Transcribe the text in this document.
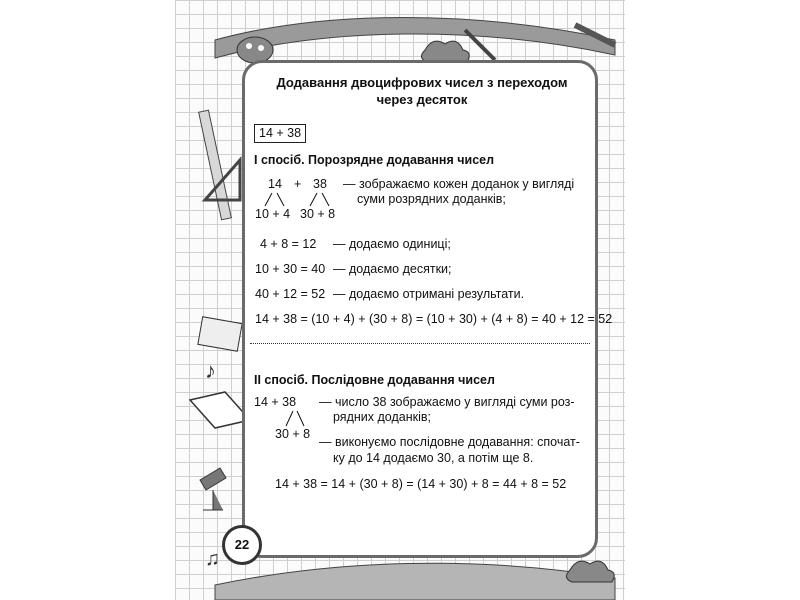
♪
♫
Додавання двоцифрових чисел з переходом
через десяток
14 + 38
I спосіб. Порозрядне додавання чисел
14 + 38
10 + 4 30 + 8
— зображаємо кожен доданок у вигляді
суми розрядних доданків;
4 + 8 = 12 — додаємо одиниці;
10 + 30 = 40 — додаємо десятки;
40 + 12 = 52 — додаємо отримані результати.
14 + 38 = (10 + 4) + (30 + 8) = (10 + 30) + (4 + 8) = 40 + 12 = 52
II спосіб. Послідовне додавання чисел
14 + 38
30 + 8
— число 38 зображаємо у вигляді суми роз-
рядних доданків;
— виконуємо послідовне додавання: спочат-
ку до 14 додаємо 30, а потім ще 8.
14 + 38 = 14 + (30 + 8) = (14 + 30) + 8 = 44 + 8 = 52
22
